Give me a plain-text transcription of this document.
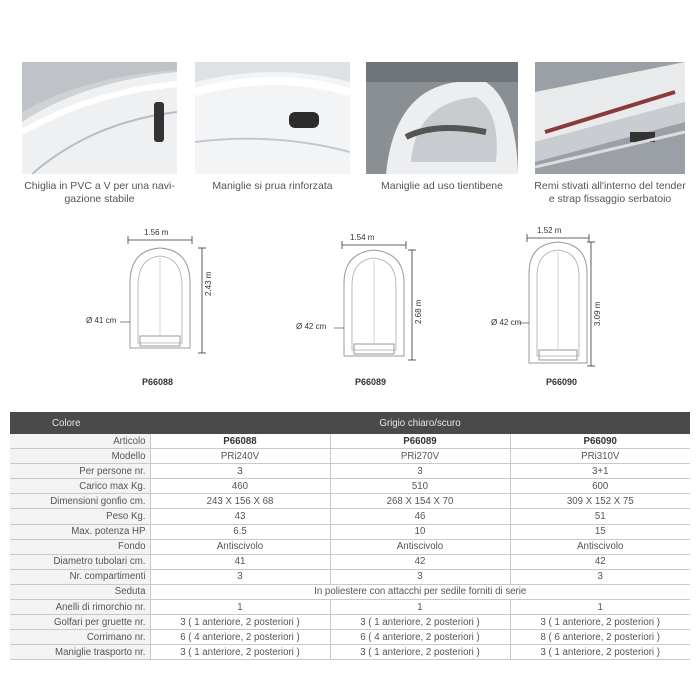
Chiglia in PVC a V per una navi-
gazione stabile
Maniglie si prua rinforzata	Maniglie ad uso tientibene	Remi stivati all'interno del tender
e strap fissaggio serbatoio
1.56 m
2.43 m
Ø 41 cm
P66088
1.54 m
2.68 m
Ø 42 cm
P66089
1.52 m
3.09 m
Ø 42 cm
P66090
Colore	Grigio chiaro/scuro		
Articolo	P66088	P66089	P66090
Modello	PRi240V	PRi270V	PRi310V
Per persone nr.	3	3	3+1
Carico max Kg.	460	510	600
Dimensioni gonfio cm.	243 X 156 X 68	268 X 154 X 70	309 X 152 X 75
Peso Kg.	43	46	51
Max. potenza HP	6.5	10	15
Fondo	Antiscivolo	Antiscivolo	Antiscivolo
Diametro tubolari cm.	41	42	42
Nr. compartimenti	3	3	3
Seduta	In poliestere con attacchi per sedile forniti di serie		
Anelli di rimorchio nr.	1	1	1
Golfari per gruette nr.	3 ( 1 anteriore, 2 posteriori )	3 ( 1 anteriore, 2 posteriori )	3 ( 1 anteriore, 2 posteriori )
Corrimano nr.	6 ( 4 anteriore, 2 posteriori )	6 ( 4 anteriore, 2 posteriori )	8 ( 6 anteriore, 2 posteriori )
Maniglie trasporto nr.	3 ( 1 anteriore, 2 posteriori )	3 ( 1 anteriore, 2 posteriori )	3 ( 1 anteriore, 2 posteriori )
